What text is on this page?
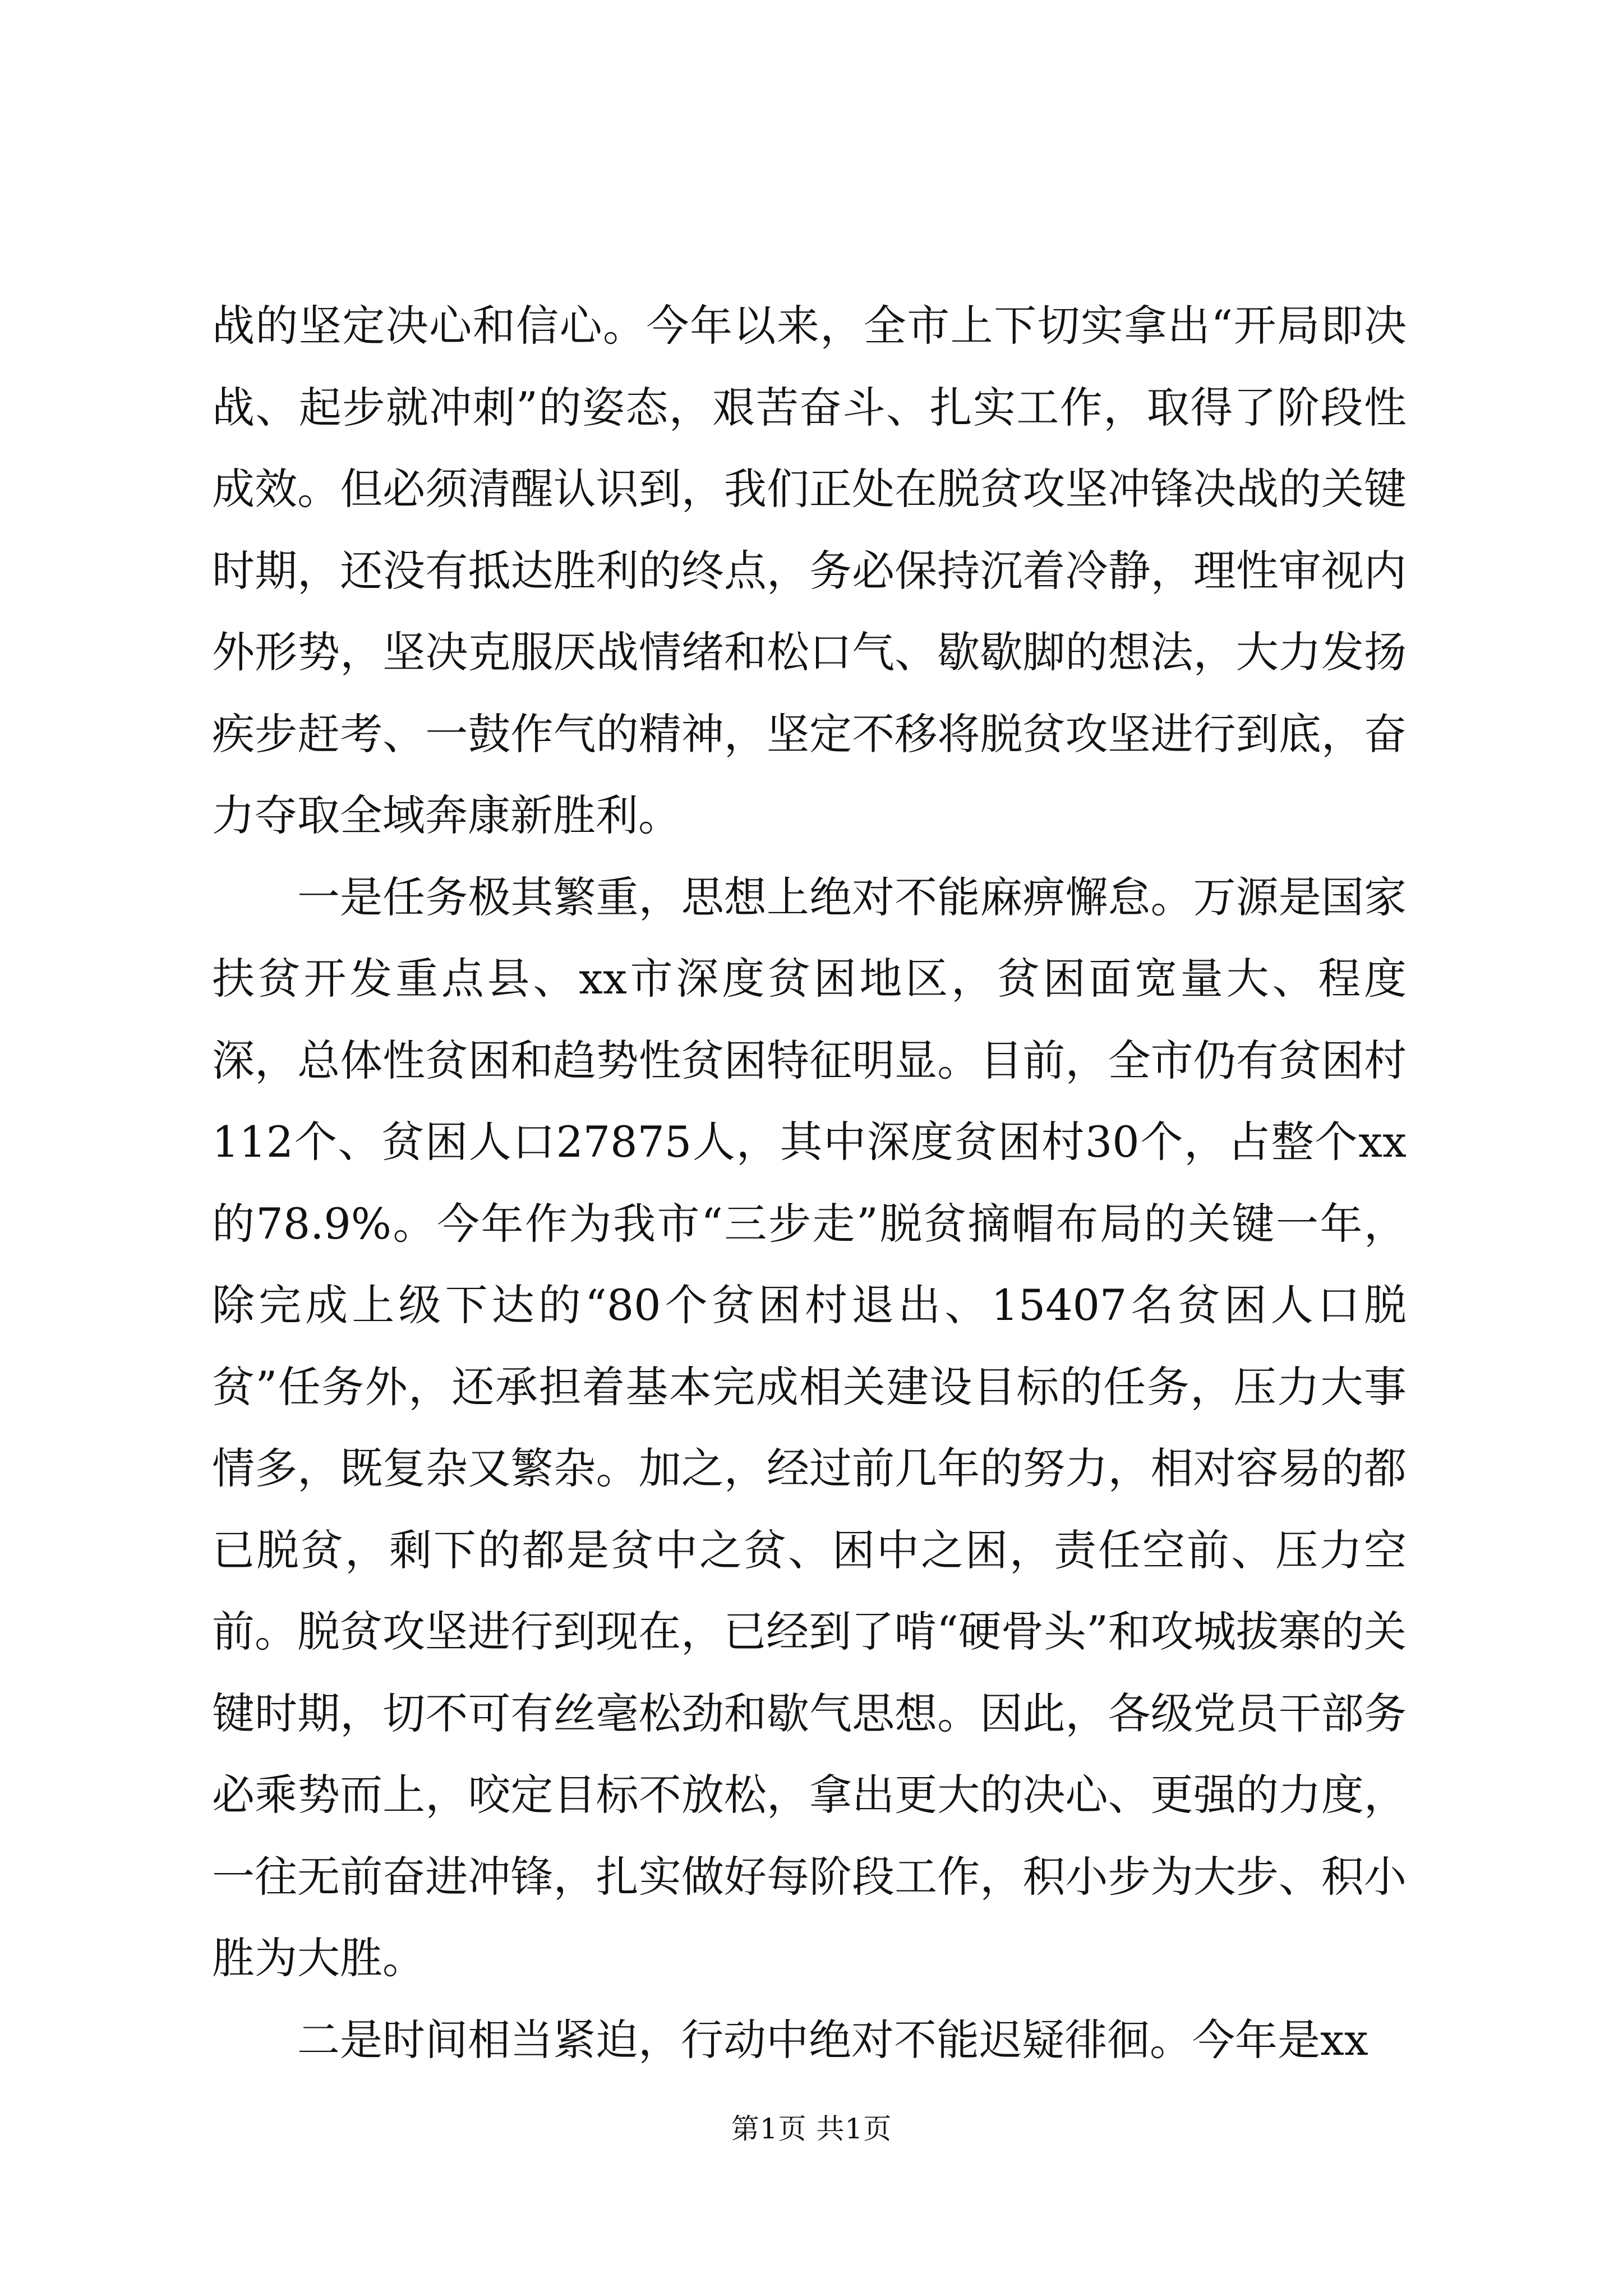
战的坚定决心和信心。今年以来，全市上下切实拿出“开局即决战、起步就冲刺”的姿态，艰苦奋斗、扎实工作，取得了阶段性成效。但必须清醒认识到，我们正处在脱贫攻坚冲锋决战的关键时期，还没有抵达胜利的终点，务必保持沉着冷静，理性审视内外形势，坚决克服厌战情绪和松口气、歇歇脚的想法，大力发扬疾步赶考、一鼓作气的精神，坚定不移将脱贫攻坚进行到底，奋力夺取全域奔康新胜利。

一是任务极其繁重，思想上绝对不能麻痹懈怠。万源是国家扶贫开发重点县、xx市深度贫困地区，贫困面宽量大、程度深，总体性贫困和趋势性贫困特征明显。目前，全市仍有贫困村112个、贫困人口27875人，其中深度贫困村30个，占整个xx的78.9%。今年作为我市“三步走”脱贫摘帽布局的关键一年，除完成上级下达的“80个贫困村退出、15407名贫困人口脱贫”任务外，还承担着基本完成相关建设目标的任务，压力大事情多，既复杂又繁杂。加之，经过前几年的努力，相对容易的都已脱贫，剩下的都是贫中之贫、困中之困，责任空前、压力空前。脱贫攻坚进行到现在，已经到了啃“硬骨头”和攻城拔寨的关键时期，切不可有丝毫松劲和歇气思想。因此，各级党员干部务必乘势而上，咬定目标不放松，拿出更大的决心、更强的力度，一往无前奋进冲锋，扎实做好每阶段工作，积小步为大步、积小胜为大胜。

二是时间相当紧迫，行动中绝对不能迟疑徘徊。今年是xx

第1页 共1页
